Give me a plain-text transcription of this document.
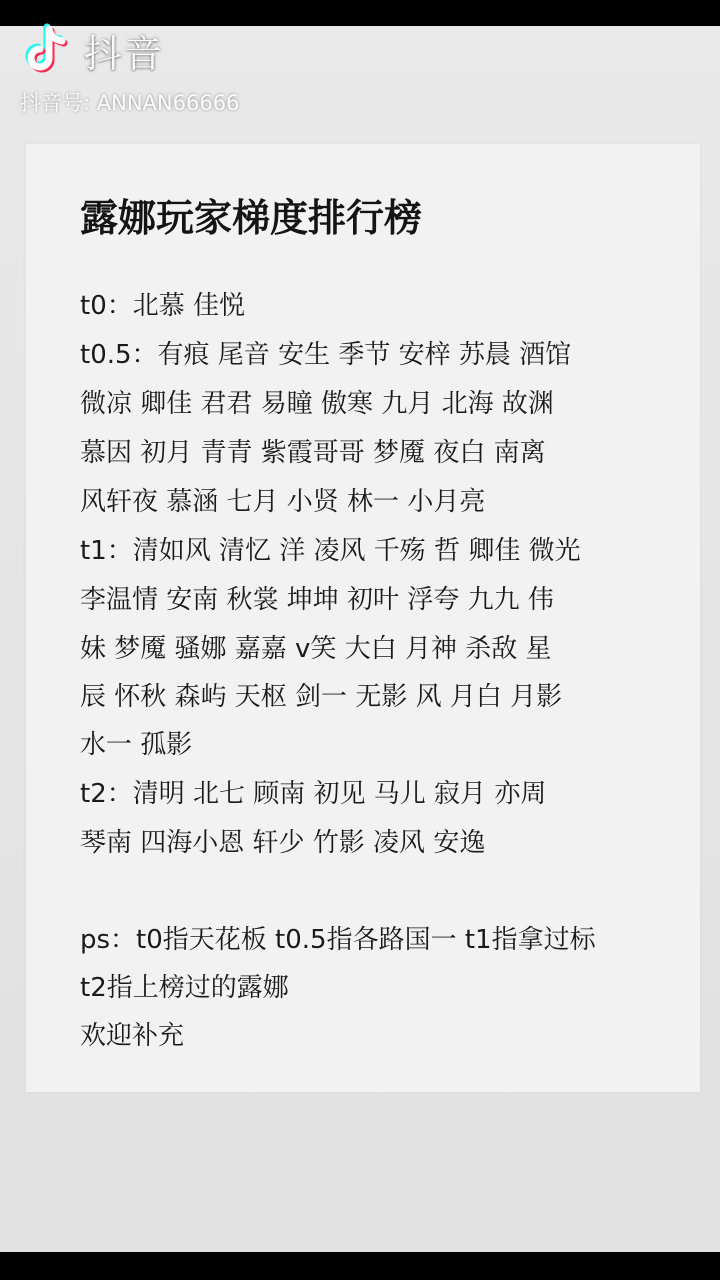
抖音
抖音号: ANNAN66666
露娜玩家梯度排行榜
t0：北慕 佳悦
t0.5：有痕 尾音 安生 季节 安梓 苏晨 酒馆
微凉 卿佳 君君 易瞳 傲寒 九月 北海 故渊
慕因 初月 青青 紫霞哥哥 梦魇 夜白 南离
风轩夜 慕涵 七月 小贤 林一 小月亮
t1：清如风 清忆 洋 凌风 千殇 哲 卿佳 微光
李温情 安南 秋裳 坤坤 初叶 浮夸 九九 伟
妹 梦魇 骚娜 嘉嘉 v笑 大白 月神 杀敌 星
辰 怀秋 森屿 天枢 剑一 无影 风 月白 月影
水一 孤影
t2：清明 北七 顾南 初见 马儿 寂月 亦周
琴南 四海小恩 轩少 竹影 凌风 安逸
ps：t0指天花板 t0.5指各路国一 t1指拿过标
t2指上榜过的露娜
欢迎补充
